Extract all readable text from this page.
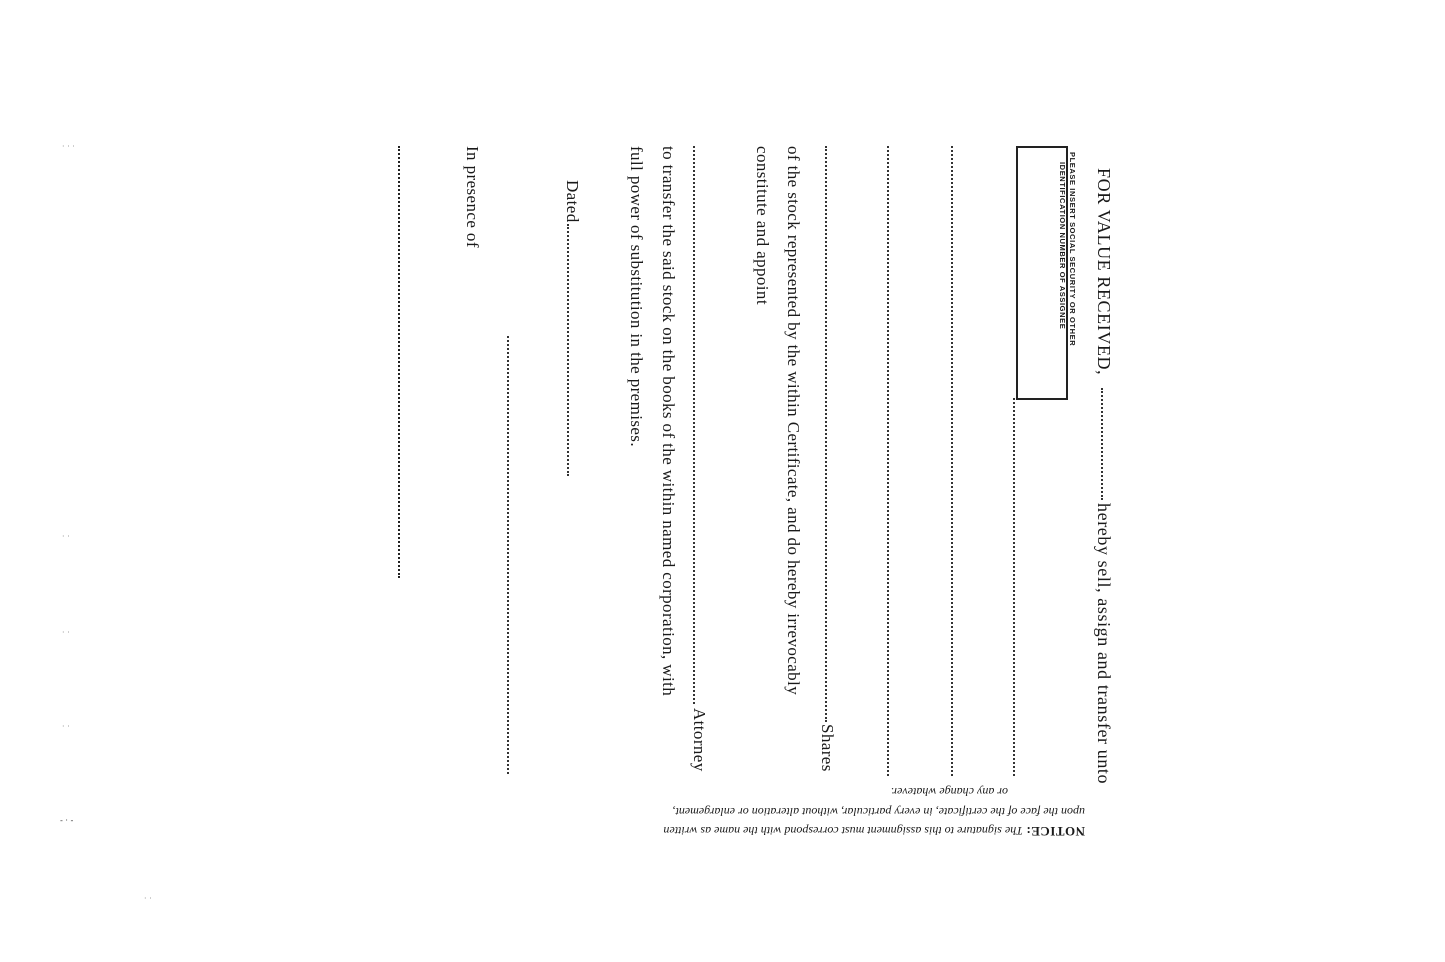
FOR VALUE RECEIVED,
hereby sell, assign and transfer unto
PLEASE INSERT SOCIAL SECURITY OR OTHER
IDENTIFICATION NUMBER OF ASSIGNEE
Shares
of the stock represented by the within Certificate, and do hereby irrevocably
constitute and appoint
Attorney
to transfer the said stock on the books of the within named corporation, with
full power of substitution in the premises.
Dated
In presence of
NOTICE: The signature to this assignment must correspond with the name as written
upon the face of the certificate, in every particular, without alteration or enlargement,
or any change whatever.
· · ·
· ·
· ·
· ·
- · -
· ·
